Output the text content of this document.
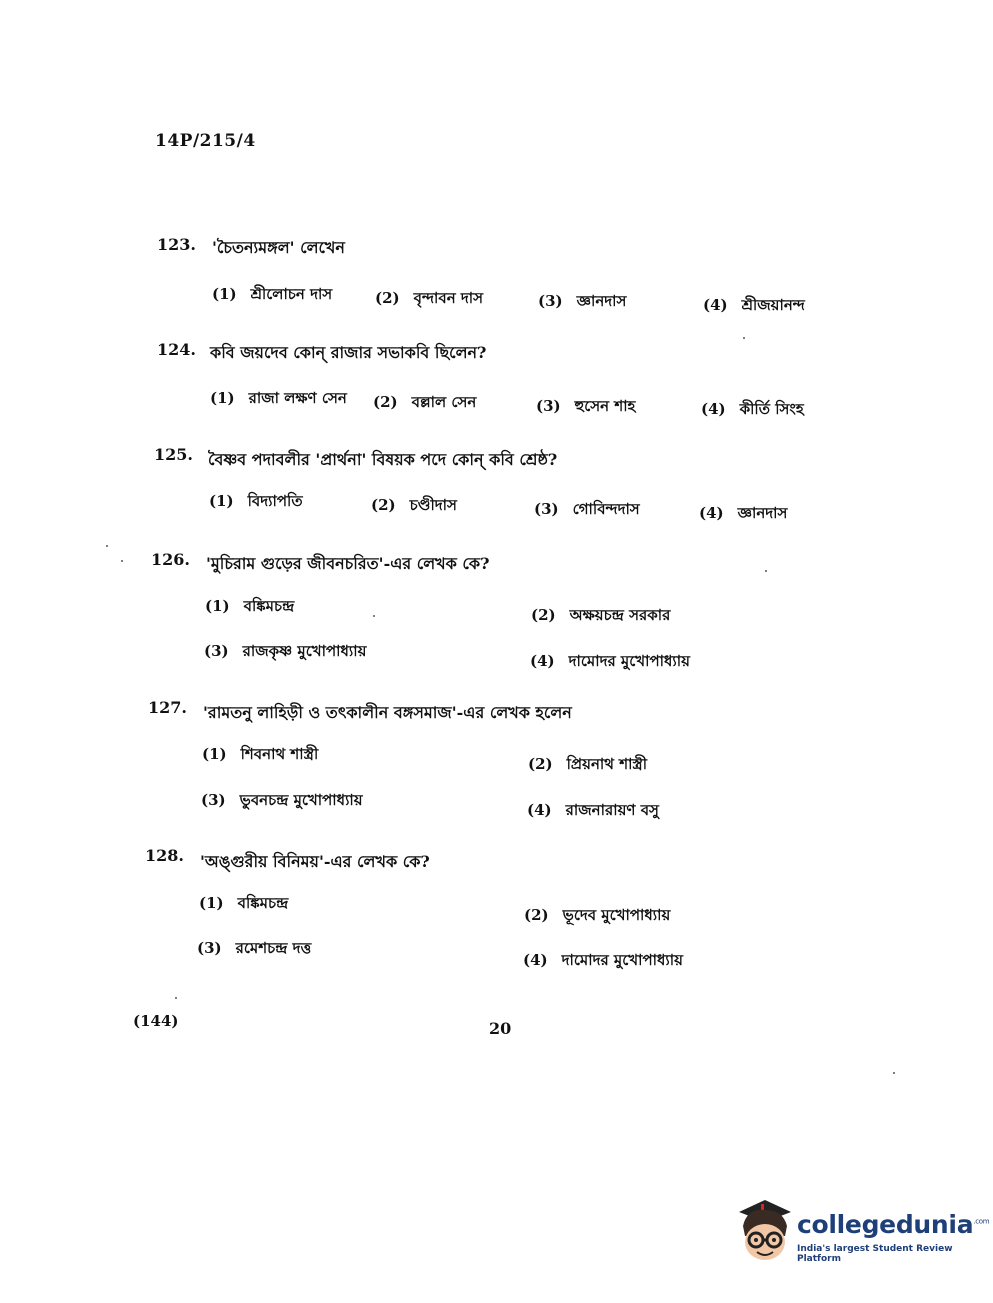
14P/215/4
123. 'চৈতন্যমঙ্গল' লেখেন
(1) শ্রীলোচন দাস	(2) বৃন্দাবন দাস	(3) জ্ঞানদাস	(4) শ্রীজয়ানন্দ
124. কবি জয়দেব কোন্ রাজার সভাকবি ছিলেন?
(1) রাজা লক্ষণ সেন (2) বল্লাল সেন	(3) হুসেন শাহ	(4) কীর্তি সিংহ
125. বৈষ্ণব পদাবলীর 'প্রার্থনা' বিষয়ক পদে কোন্ কবি শ্রেষ্ঠ?
(1) বিদ্যাপতি	(2) চণ্ডীদাস	(3) গোবিন্দদাস	(4) জ্ঞানদাস
126. 'মুচিরাম গুড়ের জীবনচরিত'-এর লেখক কে?
(1) বঙ্কিমচন্দ্র	(2) অক্ষয়চন্দ্র সরকার
(3) রাজকৃষ্ণ মুখোপাধ্যায়
(4) দামোদর মুখোপাধ্যায়
127. 'রামতনু লাহিড়ী ও তৎকালীন বঙ্গসমাজ'-এর লেখক হলেন
(1) শিবনাথ শাস্ত্রী
(2) প্রিয়নাথ শাস্ত্রী
(3) ভুবনচন্দ্র মুখোপাধ্যায়
(4) রাজনারায়ণ বসু
128. 'অঙ্গুরীয় বিনিময়'-এর লেখক কে?
(1) বঙ্কিমচন্দ্র
(2) ভূদেব মুখোপাধ্যায়
(3) রমেশচন্দ্র দত্ত
(4) দামোদর মুখোপাধ্যায়
(144)	20
collegedunia$^{.com}$
India's largest Student Review Platform
